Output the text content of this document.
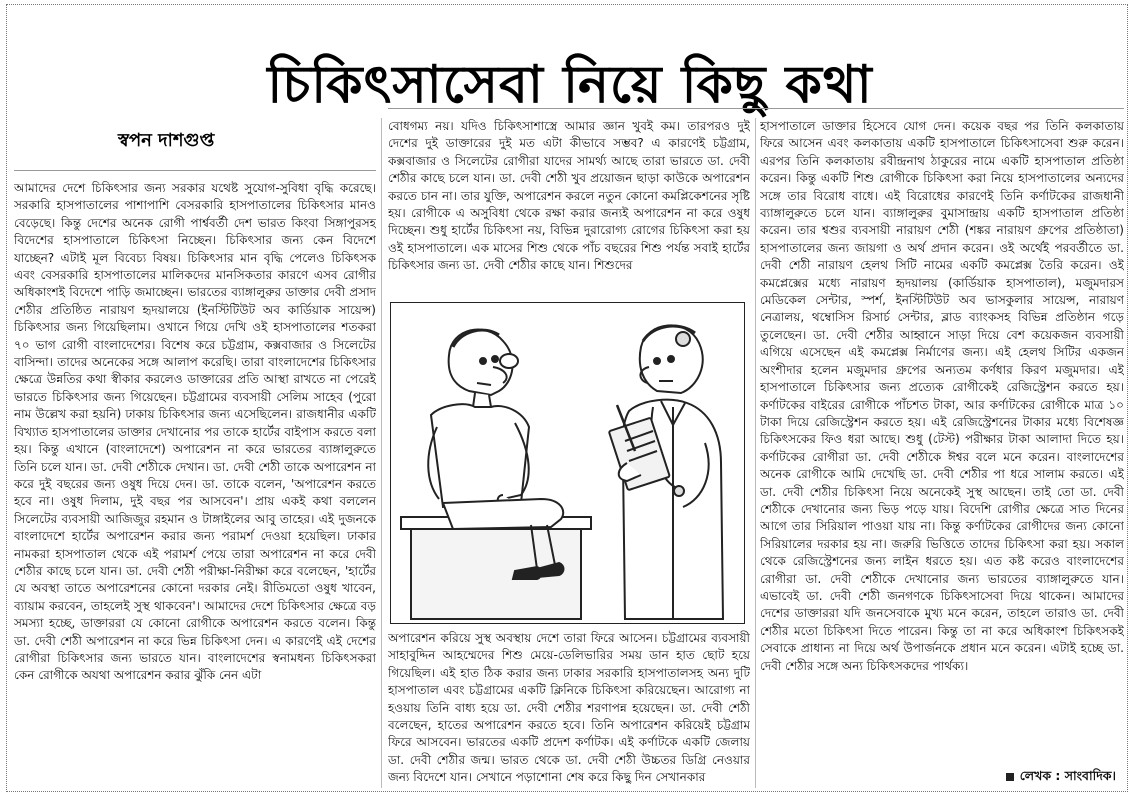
চিকিৎসাসেবা নিয়ে কিছু কথা
স্বপন দাশগুপ্ত
আমাদের দেশে চিকিৎসার জন্য সরকার যথেষ্ট সুযোগ-সুবিধা বৃদ্ধি করেছে। সরকারি হাসপাতালের পাশাপাশি বেসরকারি হাসপাতালের চিকিৎসার মানও বেড়েছে। কিন্তু দেশের অনেক রোগী পার্শ্ববর্তী দেশ ভারত কিংবা সিঙ্গাপুরসহ বিদেশের হাসপাতালে চিকিৎসা নিচ্ছেন। চিকিৎসার জন্য কেন বিদেশে যাচ্ছেন? এটাই মূল বিবেচ্য বিষয়। চিকিৎসার মান বৃদ্ধি পেলেও চিকিৎসক এবং বেসরকারি হাসপাতালের মালিকদের মানসিকতার কারণে এসব রোগীর অধিকাংশই বিদেশে পাড়ি জমাচ্ছেন। ভারতের ব্যাঙ্গালুরুর ডাক্তার দেবী প্রসাদ শেঠীর প্রতিষ্ঠিত নারায়ণ হৃদয়ালয়ে (ইনস্টিটিউট অব কার্ডিয়াক সায়েন্স) চিকিৎসার জন্য গিয়েছিলাম। ওখানে গিয়ে দেখি ওই হাসপাতালের শতকরা ৭০ ভাগ রোগী বাংলাদেশের। বিশেষ করে চট্টগ্রাম, কক্সবাজার ও সিলেটের বাসিন্দা। তাদের অনেকের সঙ্গে আলাপ করেছি। তারা বাংলাদেশের চিকিৎসার ক্ষেত্রে উন্নতির কথা স্বীকার করলেও ডাক্তারের প্রতি আস্থা রাখতে না পেরেই ভারতে চিকিৎসার জন্য গিয়েছেন। চট্টগ্রামের ব্যবসায়ী সেলিম সাহেব (পুরো নাম উল্লেখ করা হয়নি) ঢাকায় চিকিৎসার জন্য এসেছিলেন। রাজধানীর একটি বিখ্যাত হাসপাতালের ডাক্তার দেখানোর পর তাকে হার্টের বাইপাস করতে বলা হয়। কিন্তু এখানে (বাংলাদেশে) অপারেশন না করে ভারতের ব্যাঙ্গালুরুতে তিনি চলে যান। ডা. দেবী শেঠীকে দেখান। ডা. দেবী শেঠী তাকে অপারেশন না করে দুই বছরের জন্য ওষুধ দিয়ে দেন। ডা. তাকে বলেন, 'অপারেশন করতে হবে না। ওষুধ দিলাম, দুই বছর পর আসবেন'। প্রায় একই কথা বললেন সিলেটের ব্যবসায়ী আজিজুর রহমান ও টাঙ্গাইলের আবু তাহের। এই দুজনকে বাংলাদেশে হার্টের অপারেশন করার জন্য পরামর্শ দেওয়া হয়েছিল। ঢাকার নামকরা হাসপাতাল থেকে এই পরামর্শ পেয়ে তারা অপারেশন না করে দেবী শেঠীর কাছে চলে যান। ডা. দেবী শেঠী পরীক্ষা-নিরীক্ষা করে বলেছেন, 'হার্টের যে অবস্থা তাতে অপারেশনের কোনো দরকার নেই। রীতিমতো ওষুধ খাবেন, ব্যায়াম করবেন, তাহলেই সুস্থ থাকবেন'। আমাদের দেশে চিকিৎসার ক্ষেত্রে বড় সমস্যা হচ্ছে, ডাক্তাররা যে কোনো রোগীকে অপারেশন করতে বলেন। কিন্তু ডা. দেবী শেঠী অপারেশন না করে ভিন্ন চিকিৎসা দেন। এ কারণেই এই দেশের রোগীরা চিকিৎসার জন্য ভারতে যান। বাংলাদেশের স্বনামধন্য চিকিৎসকরা কেন রোগীকে অযথা অপারেশন করার ঝুঁকি নেন এটা
বোধগম্য নয়। যদিও চিকিৎসাশাস্ত্রে আমার জ্ঞান খুবই কম। তারপরও দুই দেশের দুই ডাক্তারের দুই মত এটা কীভাবে সম্ভব? এ কারণেই চট্টগ্রাম, কক্সবাজার ও সিলেটের রোগীরা যাদের সামর্থ্য আছে তারা ভারতে ডা. দেবী শেঠীর কাছে চলে যান। ডা. দেবী শেঠী খুব প্রয়োজন ছাড়া কাউকে অপারেশন করতে চান না। তার যুক্তি, অপারেশন করলে নতুন কোনো কমপ্লিকেশনের সৃষ্টি হয়। রোগীকে এ অসুবিধা থেকে রক্ষা করার জন্যই অপারেশন না করে ওষুধ দিচ্ছেন। শুধু হার্টের চিকিৎসা নয়, বিভিন্ন দুরারোগ্য রোগের চিকিৎসা করা হয় ওই হাসপাতালে। এক মাসের শিশু থেকে পাঁচ বছরের শিশু পর্যন্ত সবাই হার্টের চিকিৎসার জন্য ডা. দেবী শেঠীর কাছে যান। শিশুদের
অপারেশন করিয়ে সুস্থ অবস্থায় দেশে তারা ফিরে আসেন। চট্টগ্রামের ব্যবসায়ী সাহাবুদ্দিন আহম্মেদের শিশু মেয়ে-ডেলিভারির সময় ডান হাত ছোট হয়ে গিয়েছিল। এই হাত ঠিক করার জন্য ঢাকার সরকারি হাসপাতালসহ অন্য দুটি হাসপাতাল এবং চট্টগ্রামের একটি ক্লিনিকে চিকিৎসা করিয়েছেন। আরোগ্য না হওয়ায় তিনি বাধ্য হয়ে ডা. দেবী শেঠীর শরণাপন্ন হয়েছেন। ডা. দেবী শেঠী বলেছেন, হাতের অপারেশন করতে হবে। তিনি অপারেশন করিয়েই চট্টগ্রাম ফিরে আসবেন। ভারতের একটি প্রদেশ কর্ণাটক। এই কর্ণাটকে একটি জেলায় ডা. দেবী শেঠীর জন্ম। ভারত থেকে ডা. দেবী শেঠী উচ্চতর ডিগ্রি নেওয়ার জন্য বিদেশে যান। সেখানে পড়াশোনা শেষ করে কিছু দিন সেখানকার
হাসপাতালে ডাক্তার হিসেবে যোগ দেন। কয়েক বছর পর তিনি কলকাতায় ফিরে আসেন এবং কলকাতায় একটি হাসপাতালে চিকিৎসাসেবা শুরু করেন। এরপর তিনি কলকাতায় রবীন্দ্রনাথ ঠাকুরের নামে একটি হাসপাতাল প্রতিষ্ঠা করেন। কিন্তু একটি শিশু রোগীকে চিকিৎসা করা নিয়ে হাসপাতালের অন্যদের সঙ্গে তার বিরোধ বাধে। এই বিরোধের কারণেই তিনি কর্ণাটকের রাজধানী ব্যাঙ্গালুরুতে চলে যান। ব্যাঙ্গালুরুর বুমাসান্দ্রায় একটি হাসপাতাল প্রতিষ্ঠা করেন। তার শ্বশুর ব্যবসায়ী নারায়ণ শেঠী (শঙ্কর নারায়ণ গ্রুপের প্রতিষ্ঠাতা) হাসপাতালের জন্য জায়গা ও অর্থ প্রদান করেন। ওই অর্থেই পরবর্তীতে ডা. দেবী শেঠী নারায়ণ হেলথ সিটি নামের একটি কমপ্লেক্স তৈরি করেন। ওই কমপ্লেক্সের মধ্যে নারায়ণ হৃদয়ালয় (কার্ডিয়াক হাসপাতাল), মজুমদারস মেডিকেল সেন্টার, স্পর্শ, ইনস্টিটিউট অব ভাসকুলার সায়েন্স, নারায়ণ নেত্রালয়, থম্বোসিস রিসার্চ সেন্টার, ব্লাড ব্যাংকসহ বিভিন্ন প্রতিষ্ঠান গড়ে তুলেছেন। ডা. দেবী শেঠীর আহ্বানে সাড়া দিয়ে বেশ কয়েকজন ব্যবসায়ী এগিয়ে এসেছেন এই কমপ্লেক্স নির্মাণের জন্য। এই হেলথ সিটির একজন অংশীদার হলেন মজুমদার গ্রুপের অন্যতম কর্ণধার কিরণ মজুমদার। এই হাসপাতালে চিকিৎসার জন্য প্রত্যেক রোগীকেই রেজিস্ট্রেশন করতে হয়। কর্ণাটকের বাইরের রোগীকে পাঁচশত টাকা, আর কর্ণাটকের রোগীকে মাত্র ১০ টাকা দিয়ে রেজিস্ট্রেশন করতে হয়। এই রেজিস্ট্রেশনের টাকার মধ্যে বিশেষজ্ঞ চিকিৎসকের ফিও ধরা আছে। শুধু (টেস্ট) পরীক্ষার টাকা আলাদা দিতে হয়। কর্ণাটকের রোগীরা ডা. দেবী শেঠীকে ঈশ্বর বলে মনে করেন। বাংলাদেশের অনেক রোগীকে আমি দেখেছি ডা. দেবী শেঠীর পা ধরে সালাম করতে। এই ডা. দেবী শেঠীর চিকিৎসা নিয়ে অনেকেই সুস্থ আছেন। তাই তো ডা. দেবী শেঠীকে দেখানোর জন্য ভিড় পড়ে যায়। বিদেশি রোগীর ক্ষেত্রে সাত দিনের আগে তার সিরিয়াল পাওয়া যায় না। কিন্তু কর্ণাটকের রোগীদের জন্য কোনো সিরিয়ালের দরকার হয় না। জরুরি ভিত্তিতে তাদের চিকিৎসা করা হয়। সকাল থেকে রেজিস্ট্রেশনের জন্য লাইন ধরতে হয়। এত কষ্ট করেও বাংলাদেশের রোগীরা ডা. দেবী শেঠীকে দেখানোর জন্য ভারতের ব্যাঙ্গালুরুতে যান। এভাবেই ডা. দেবী শেঠী জনগণকে চিকিৎসাসেবা দিয়ে থাকেন। আমাদের দেশের ডাক্তাররা যদি জনসেবাকে মুখ্য মনে করেন, তাহলে তারাও ডা. দেবী শেঠীর মতো চিকিৎসা দিতে পারেন। কিন্তু তা না করে অধিকাংশ চিকিৎসকই সেবাকে প্রাধান্য না দিয়ে অর্থ উপার্জনকে প্রধান মনে করেন। এটাই হচ্ছে ডা. দেবী শেঠীর সঙ্গে অন্য চিকিৎসকদের পার্থক্য।
লেখক : সাংবাদিক।
